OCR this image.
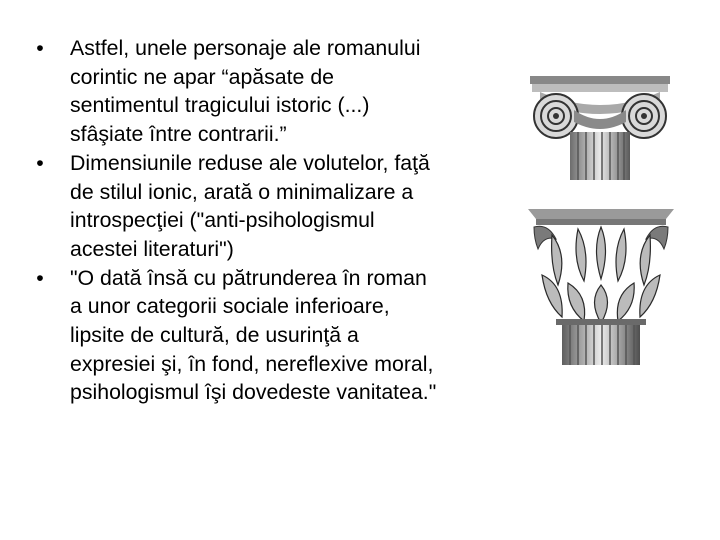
• Astfel, unele personaje ale romanului
corintic ne apar “apăsate de
sentimentul tragicului istoric (...)
sfâşiate între contrarii.”
• Dimensiunile reduse ale volutelor, faţă
de stilul ionic, arată o minimalizare a
introspecţiei ("anti-psihologismul
acestei literaturi")
• "O dată însă cu pătrunderea în roman
a unor categorii sociale inferioare,
lipsite de cultură, de usurinţă a
expresiei şi, în fond, nereflexive moral,
psihologismul îşi dovedeste vanitatea."
